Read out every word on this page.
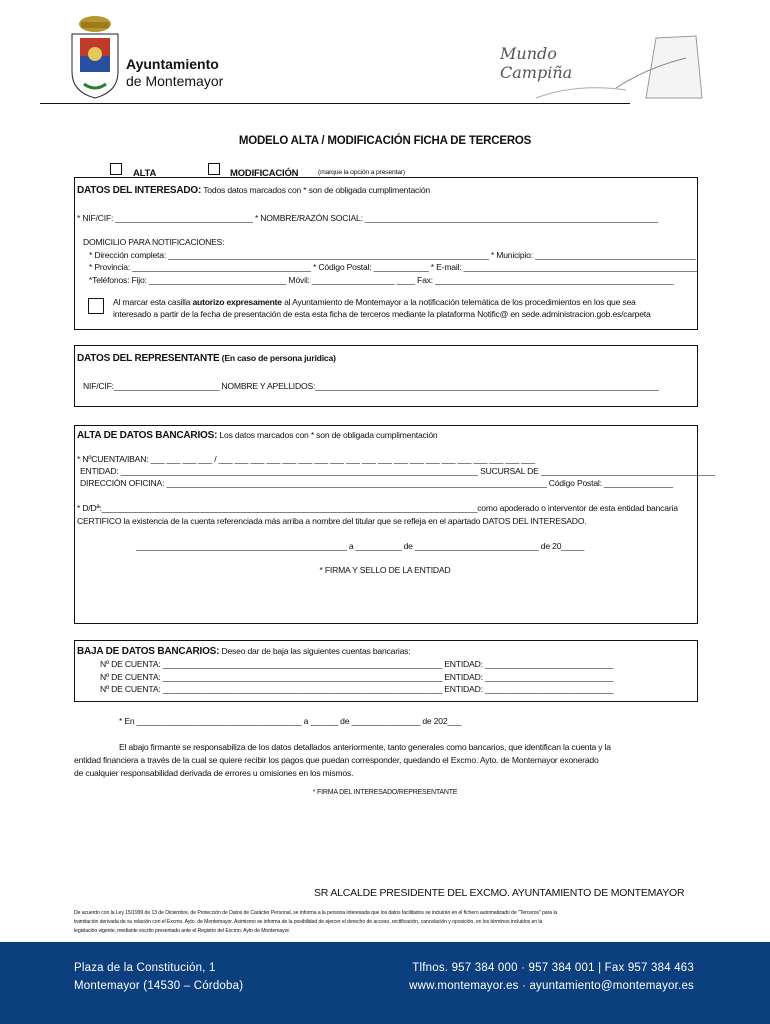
Ayuntamiento
de Montemayor
Mundo Campiña
MODELO ALTA / MODIFICACIÓN FICHA DE TERCEROS
ALTA	MODIFICACIÓN	(marque la opción a presentar)
DATOS DEL INTERESADO: Todos datos marcados con * son de obligada cumplimentación
* NIF/CIF: ______________________________ * NOMBRE/RAZÓN SOCIAL: ________________________________________________________________
DOMICILIO PARA NOTIFICACIONES:
* Dirección completa: ______________________________________________________________________ * Municipio: ___________________________________
* Provincia: _______________________________________ * Código Postal: ____________ * E-mail: ___________________________________________________
*Teléfonos: Fijo: ______________________________ Móvil: __________________ ____ Fax: ____________________________________________________
Al marcar esta casilla autorizo expresamente al Ayuntamiento de Montemayor a la notificación telemática de los procedimientos en los que sea
interesado a partir de la fecha de presentación de esta esta ficha de terceros mediante la plataforma Notific@ en sede.administracion.gob.es/carpeta
DATOS DEL REPRESENTANTE (En caso de persona jurídica)
NIF/CIF:_______________________ NOMBRE Y APELLIDOS:___________________________________________________________________________
ALTA DE DATOS BANCARIOS: Los datos marcados con * son de obligada cumplimentación
* NºCUENTA/IBAN: ___ ___ ___ ___ / ___ ___ ___ ___ ___ ___ ___ ___ ___ ___ ___ ___ ___ ___ ___ ___ ___ ___ ___ ___
ENTIDAD: ______________________________________________________________________________ SUCURSAL DE ______________________________________
DIRECCIÓN OFICINA: ___________________________________________________________________________________ Código Postal: _______________
* D/Dª:__________________________________________________________________________________como apoderado o interventor de esta entidad bancaria
CERTIFICO la existencia de la cuenta referenciada más arriba a nombre del titular que se refleja en el apartado DATOS DEL INTERESADO.
______________________________________________ a __________ de ___________________________ de 20_____
* FIRMA Y SELLO DE LA ENTIDAD
BAJA DE DATOS BANCARIOS: Deseo dar de baja las siguientes cuentas bancarias:
Nº DE CUENTA: _____________________________________________________________ ENTIDAD: ____________________________
Nº DE CUENTA: _____________________________________________________________ ENTIDAD: ____________________________
Nº DE CUENTA: _____________________________________________________________ ENTIDAD: ____________________________
* En ____________________________________ a ______ de _______________ de 202___
El abajo firmante se responsabiliza de los datos detallados anteriormente, tanto generales como bancarios, que identifican la cuenta y la
entidad financiera a través de la cual se quiere recibir los pagos que puedan corresponder, quedando el Excmo. Ayto. de Montemayor exonerado
de cualquier responsabilidad derivada de errores u omisiones en los mismos.
* FIRMA DEL INTERESADO/REPRESENTANTE
SR ALCALDE PRESIDENTE DEL EXCMO. AYUNTAMIENTO DE MONTEMAYOR
De acuerdo con la Ley 15/1999 de 13 de Diciembre, de Protección de Datos de Carácter Personal, se informa a la persona interesada que los datos facilitados se incluirán en el fichero automatizado de "Terceros" para la
tramitación derivada de su relación con el Excmo. Ayto. de Montemayor. Asimismo se informa de la posibilidad de ejercer el derecho de acceso, rectificación, cancelación y oposición, en los términos incluidos en la
legislación vigente, mediante escrito presentado ante el Registro del Excmo. Ayto de Montemayor.
Plaza de la Constitución, 1
Montemayor (14530 – Córdoba)
Tlfnos. 957 384 000 · 957 384 001 | Fax 957 384 463
www.montemayor.es · ayuntamiento@montemayor.es
